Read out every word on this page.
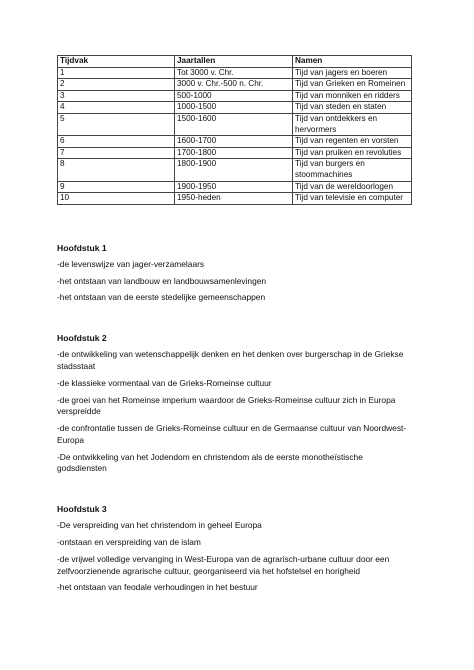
Tijdvak	Jaartallen	Namen
1	Tot 3000 v. Chr.	Tijd van jagers en boeren
2	3000 v. Chr.-500 n. Chr.	Tijd van Grieken en Romeinen
3	500-1000	Tijd van monniken en ridders
4	1000-1500	Tijd van steden en staten
5	1500-1600	Tijd van ontdekkers en hervormers
6	1600-1700	Tijd van regenten en vorsten
7	1700-1800	Tijd van pruiken en revoluties
8	1800-1900	Tijd van burgers en stoommachines
9	1900-1950	Tijd van de wereldoorlogen
10	1950-heden	Tijd van televisie en computer
Hoofdstuk 1

-de levenswijze van jager-verzamelaars

-het ontstaan van landbouw en landbouwsamenlevingen

-het ontstaan van de eerste stedelijke gemeenschappen

Hoofdstuk 2

-de ontwikkeling van wetenschappelijk denken en het denken over burgerschap in de Griekse stadsstaat

-de klassieke vormentaal van de Grieks-Romeinse cultuur

-de groei van het Romeinse imperium waardoor de Grieks-Romeinse cultuur zich in Europa verspreidde

-de confrontatie tussen de Grieks-Romeinse cultuur en de Germaanse cultuur van Noordwest-Europa

-De ontwikkeling van het Jodendom en christendom als de eerste monotheïstische godsdiensten

Hoofdstuk 3

-De verspreiding van het christendom in geheel Europa

-ontstaan en verspreiding van de islam

-de vrijwel volledige vervanging in West-Europa van de agrarisch-urbane cultuur door een zelfvoorzienende agrarische cultuur, georganiseerd via het hofstelsel en horigheid

-het ontstaan van feodale verhoudingen in het bestuur
